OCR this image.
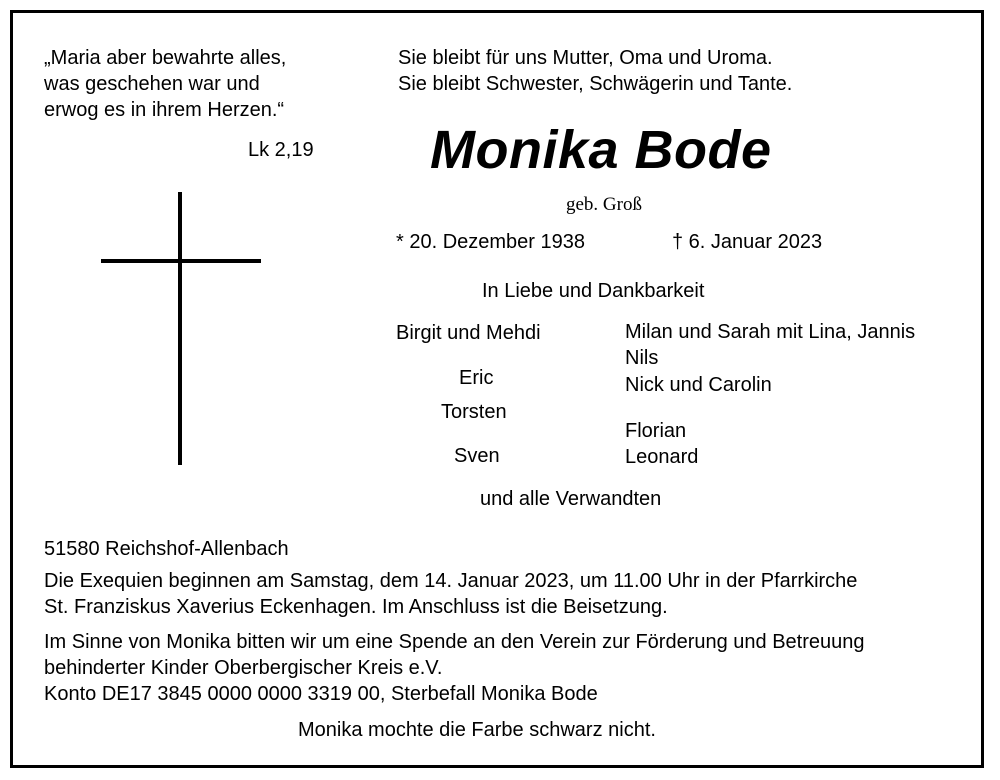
„Maria aber bewahrte alles,
was geschehen war und
erwog es in ihrem Herzen.“
Lk 2,19
Sie bleibt für uns Mutter, Oma und Uroma.
Sie bleibt Schwester, Schwägerin und Tante.
Monika Bode
geb. Groß
* 20. Dezember 1938	† 6. Januar 2023
In Liebe und Dankbarkeit
Birgit und Mehdi
Eric
Torsten
Sven
Milan und Sarah mit Lina, Jannis
Nils
Nick und Carolin
Florian
Leonard
und alle Verwandten
51580 Reichshof-Allenbach
Die Exequien beginnen am Samstag, dem 14. Januar 2023, um 11.00 Uhr in der Pfarrkirche
St. Franziskus Xaverius Eckenhagen. Im Anschluss ist die Beisetzung.
Im Sinne von Monika bitten wir um eine Spende an den Verein zur Förderung und Betreuung
behinderter Kinder Oberbergischer Kreis e.V.
Konto DE17 3845 0000 0000 3319 00, Sterbefall Monika Bode
Monika mochte die Farbe schwarz nicht.
